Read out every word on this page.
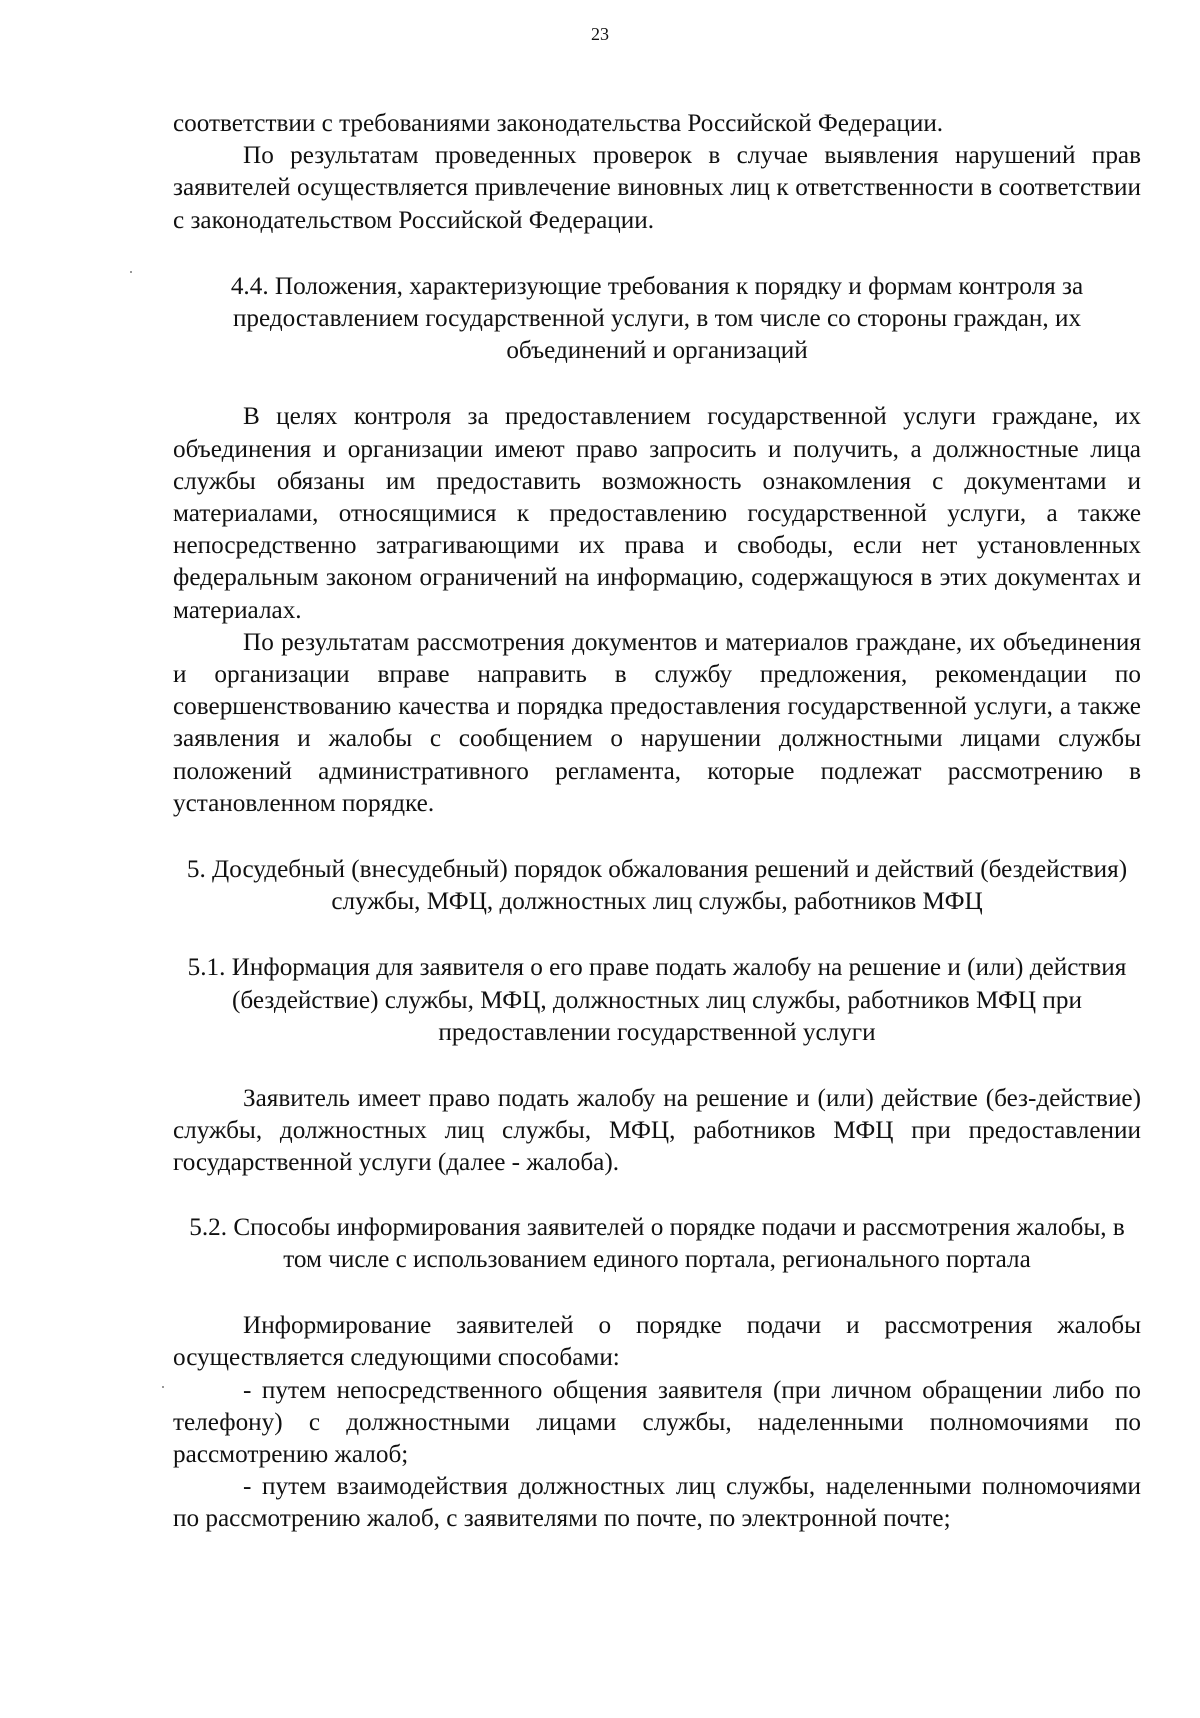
23

соответствии с требованиями законодательства Российской Федерации.

По результатам проведенных проверок в случае выявления нарушений прав заявителей осуществляется привлечение виновных лиц к ответственности в соответствии с законодательством Российской Федерации.

4.4. Положения, характеризующие требования к порядку и формам контроля за предоставлением государственной услуги, в том числе со стороны граждан, их объединений и организаций

В целях контроля за предоставлением государственной услуги граждане, их объединения и организации имеют право запросить и получить, а должностные лица службы обязаны им предоставить возможность ознакомления с документами и материалами, относящимися к предоставлению государственной услуги, а также непосредственно затрагивающими их права и свободы, если нет установленных федеральным законом ограничений на информацию, содержащуюся в этих документах и материалах.

По результатам рассмотрения документов и материалов граждане, их объединения и организации вправе направить в службу предложения, рекомендации по совершенствованию качества и порядка предоставления государственной услуги, а также заявления и жалобы с сообщением о нарушении должностными лицами службы положений административного регламента, которые подлежат рассмотрению в установленном порядке.

5. Досудебный (внесудебный) порядок обжалования решений и действий (бездействия) службы, МФЦ, должностных лиц службы, работников МФЦ

5.1. Информация для заявителя о его праве подать жалобу на решение и (или) действия (бездействие) службы, МФЦ, должностных лиц службы, работников МФЦ при предоставлении государственной услуги

Заявитель имеет право подать жалобу на решение и (или) действие (без-действие) службы, должностных лиц службы, МФЦ, работников МФЦ при предоставлении государственной услуги (далее - жалоба).

5.2. Способы информирования заявителей о порядке подачи и рассмотрения жалобы, в том числе с использованием единого портала, регионального портала

Информирование заявителей о порядке подачи и рассмотрения жалобы осуществляется следующими способами:

- путем непосредственного общения заявителя (при личном обращении либо по телефону) с должностными лицами службы, наделенными полномочиями по рассмотрению жалоб;

- путем взаимодействия должностных лиц службы, наделенными полномочиями по рассмотрению жалоб, с заявителями по почте, по электронной почте;
